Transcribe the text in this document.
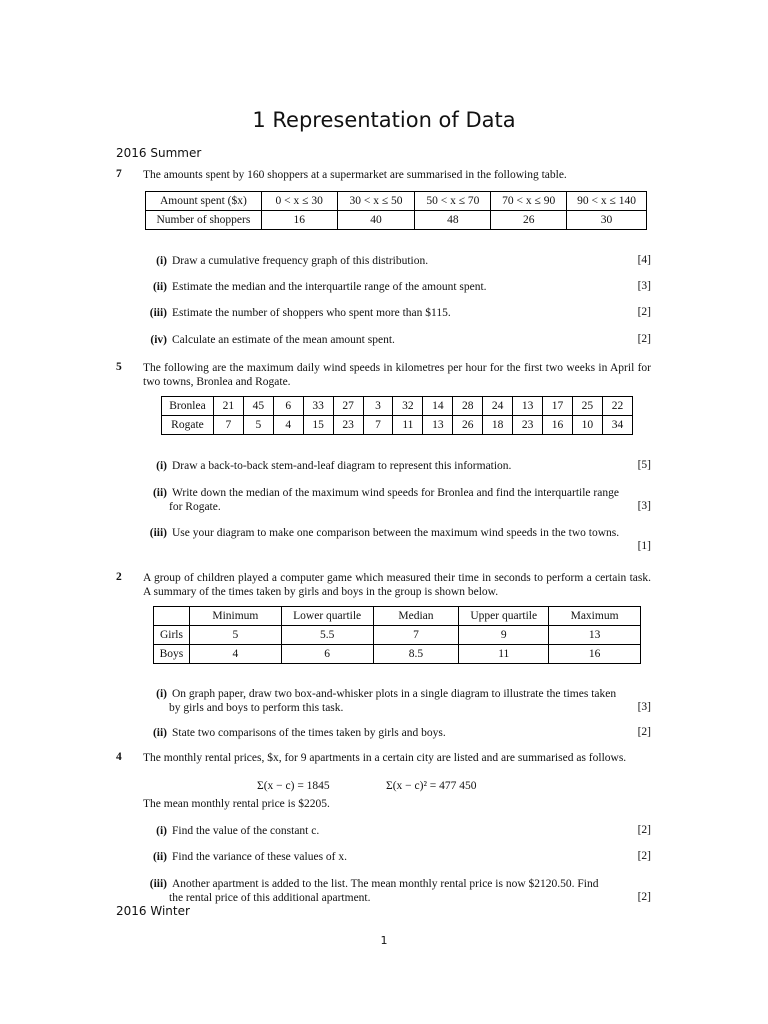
1 Representation of Data
2016 Summer
7 The amounts spent by 160 shoppers at a supermarket are summarised in the following table.
Amount spent ($x)	0 < x ≤ 30	30 < x ≤ 50	50 < x ≤ 70	70 < x ≤ 90	90 < x ≤ 140
Number of shoppers	16	40	48	26	30
(i) Draw a cumulative frequency graph of this distribution.	[4]
(ii) Estimate the median and the interquartile range of the amount spent.	[3]
(iii) Estimate the number of shoppers who spent more than $115.	[2]
(iv) Calculate an estimate of the mean amount spent.	[2]
5 The following are the maximum daily wind speeds in kilometres per hour for the first two weeks in April for two towns, Bronlea and Rogate.
Bronlea	21	45	6	33	27	3	32	14	28	24	13	17	25	22
Rogate	7	5	4	15	23	7	11	13	26	18	23	16	10	34
(i) Draw a back-to-back stem-and-leaf diagram to represent this information.	[5]
(ii) Write down the median of the maximum wind speeds for Bronlea and find the interquartile range
for Rogate.	[3]
(iii) Use your diagram to make one comparison between the maximum wind speeds in the two towns.
[1]
2 A group of children played a computer game which measured their time in seconds to perform a certain task. A summary of the times taken by girls and boys in the group is shown below.
	Minimum	Lower quartile	Median	Upper quartile	Maximum
Girls	5	5.5	7	9	13
Boys	4	6	8.5	11	16
(i) On graph paper, draw two box-and-whisker plots in a single diagram to illustrate the times taken
by girls and boys to perform this task.	[3]
(ii) State two comparisons of the times taken by girls and boys.	[2]
4 The monthly rental prices, $x, for 9 apartments in a certain city are listed and are summarised as follows.
Σ(x − c) = 1845	Σ(x − c)² = 477 450
The mean monthly rental price is $2205.
(i) Find the value of the constant c.	[2]
(ii) Find the variance of these values of x.	[2]
(iii) Another apartment is added to the list. The mean monthly rental price is now $2120.50. Find
the rental price of this additional apartment.	[2]
2016 Winter
1
